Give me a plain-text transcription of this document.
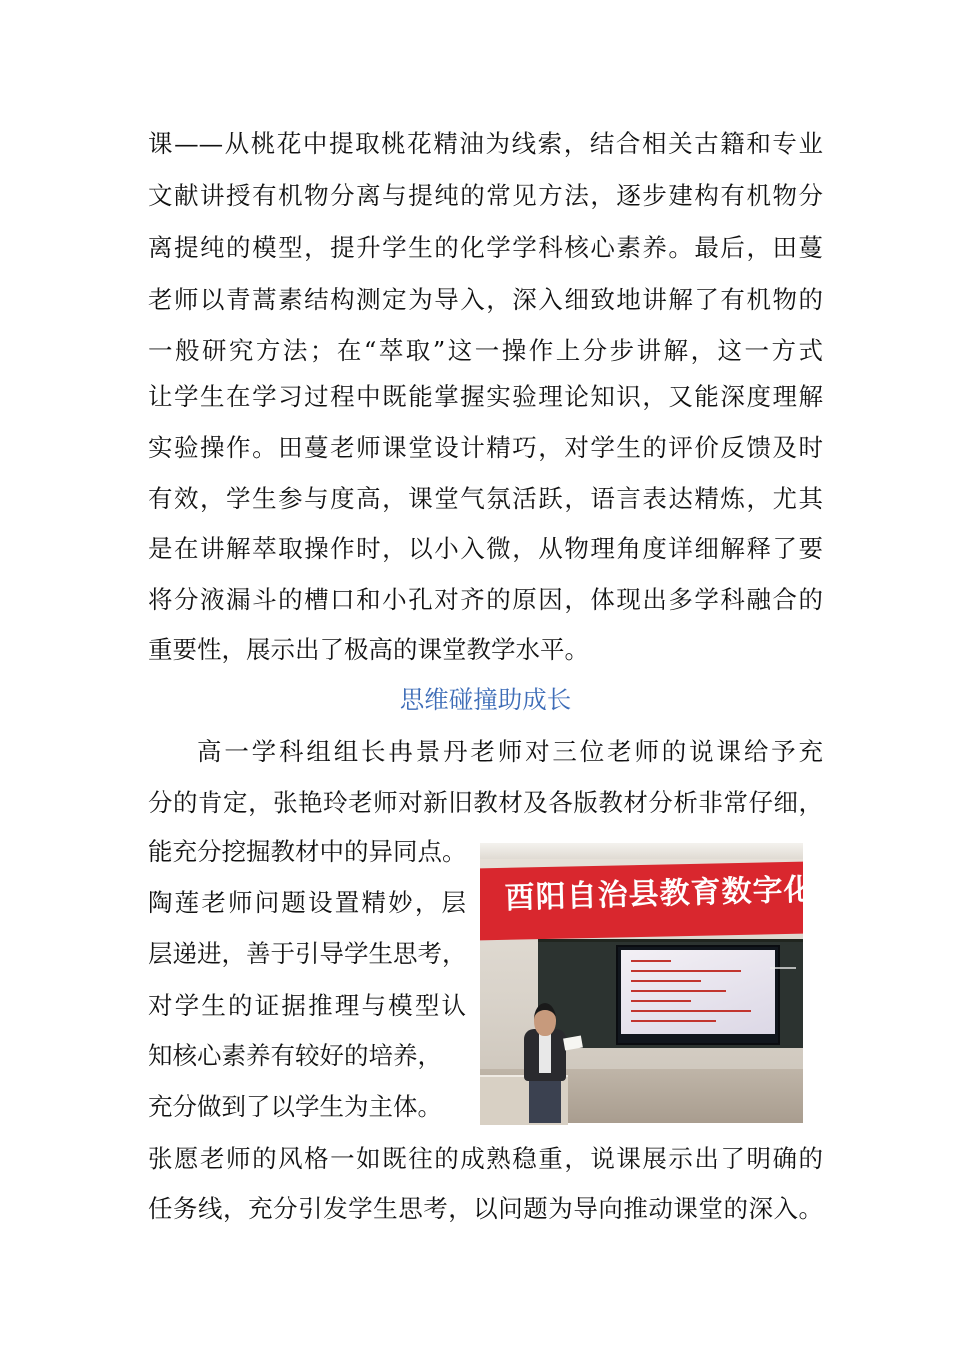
课——从桃花中提取桃花精油为线索，结合相关古籍和专业
文献讲授有机物分离与提纯的常见方法，逐步建构有机物分
离提纯的模型，提升学生的化学学科核心素养。最后，田蔓
老师以青蒿素结构测定为导入，深入细致地讲解了有机物的
一般研究方法；在“萃取”这一操作上分步讲解，这一方式
让学生在学习过程中既能掌握实验理论知识，又能深度理解
实验操作。田蔓老师课堂设计精巧，对学生的评价反馈及时
有效，学生参与度高，课堂气氛活跃，语言表达精炼，尤其
是在讲解萃取操作时，以小入微，从物理角度详细解释了要
将分液漏斗的槽口和小孔对齐的原因，体现出多学科融合的
重要性，展示出了极高的课堂教学水平。
思维碰撞助成长
高一学科组组长冉景丹老师对三位老师的说课给予充
分的肯定，张艳玲老师对新旧教材及各版教材分析非常仔细，
能充分挖掘教材中的异同点。
陶莲老师问题设置精妙，层
层递进，善于引导学生思考，
对学生的证据推理与模型认
知核心素养有较好的培养，
充分做到了以学生为主体。
张愿老师的风格一如既往的成熟稳重，说课展示出了明确的
任务线，充分引发学生思考，以问题为导向推动课堂的深入。
酉阳自治县教育数字化工
